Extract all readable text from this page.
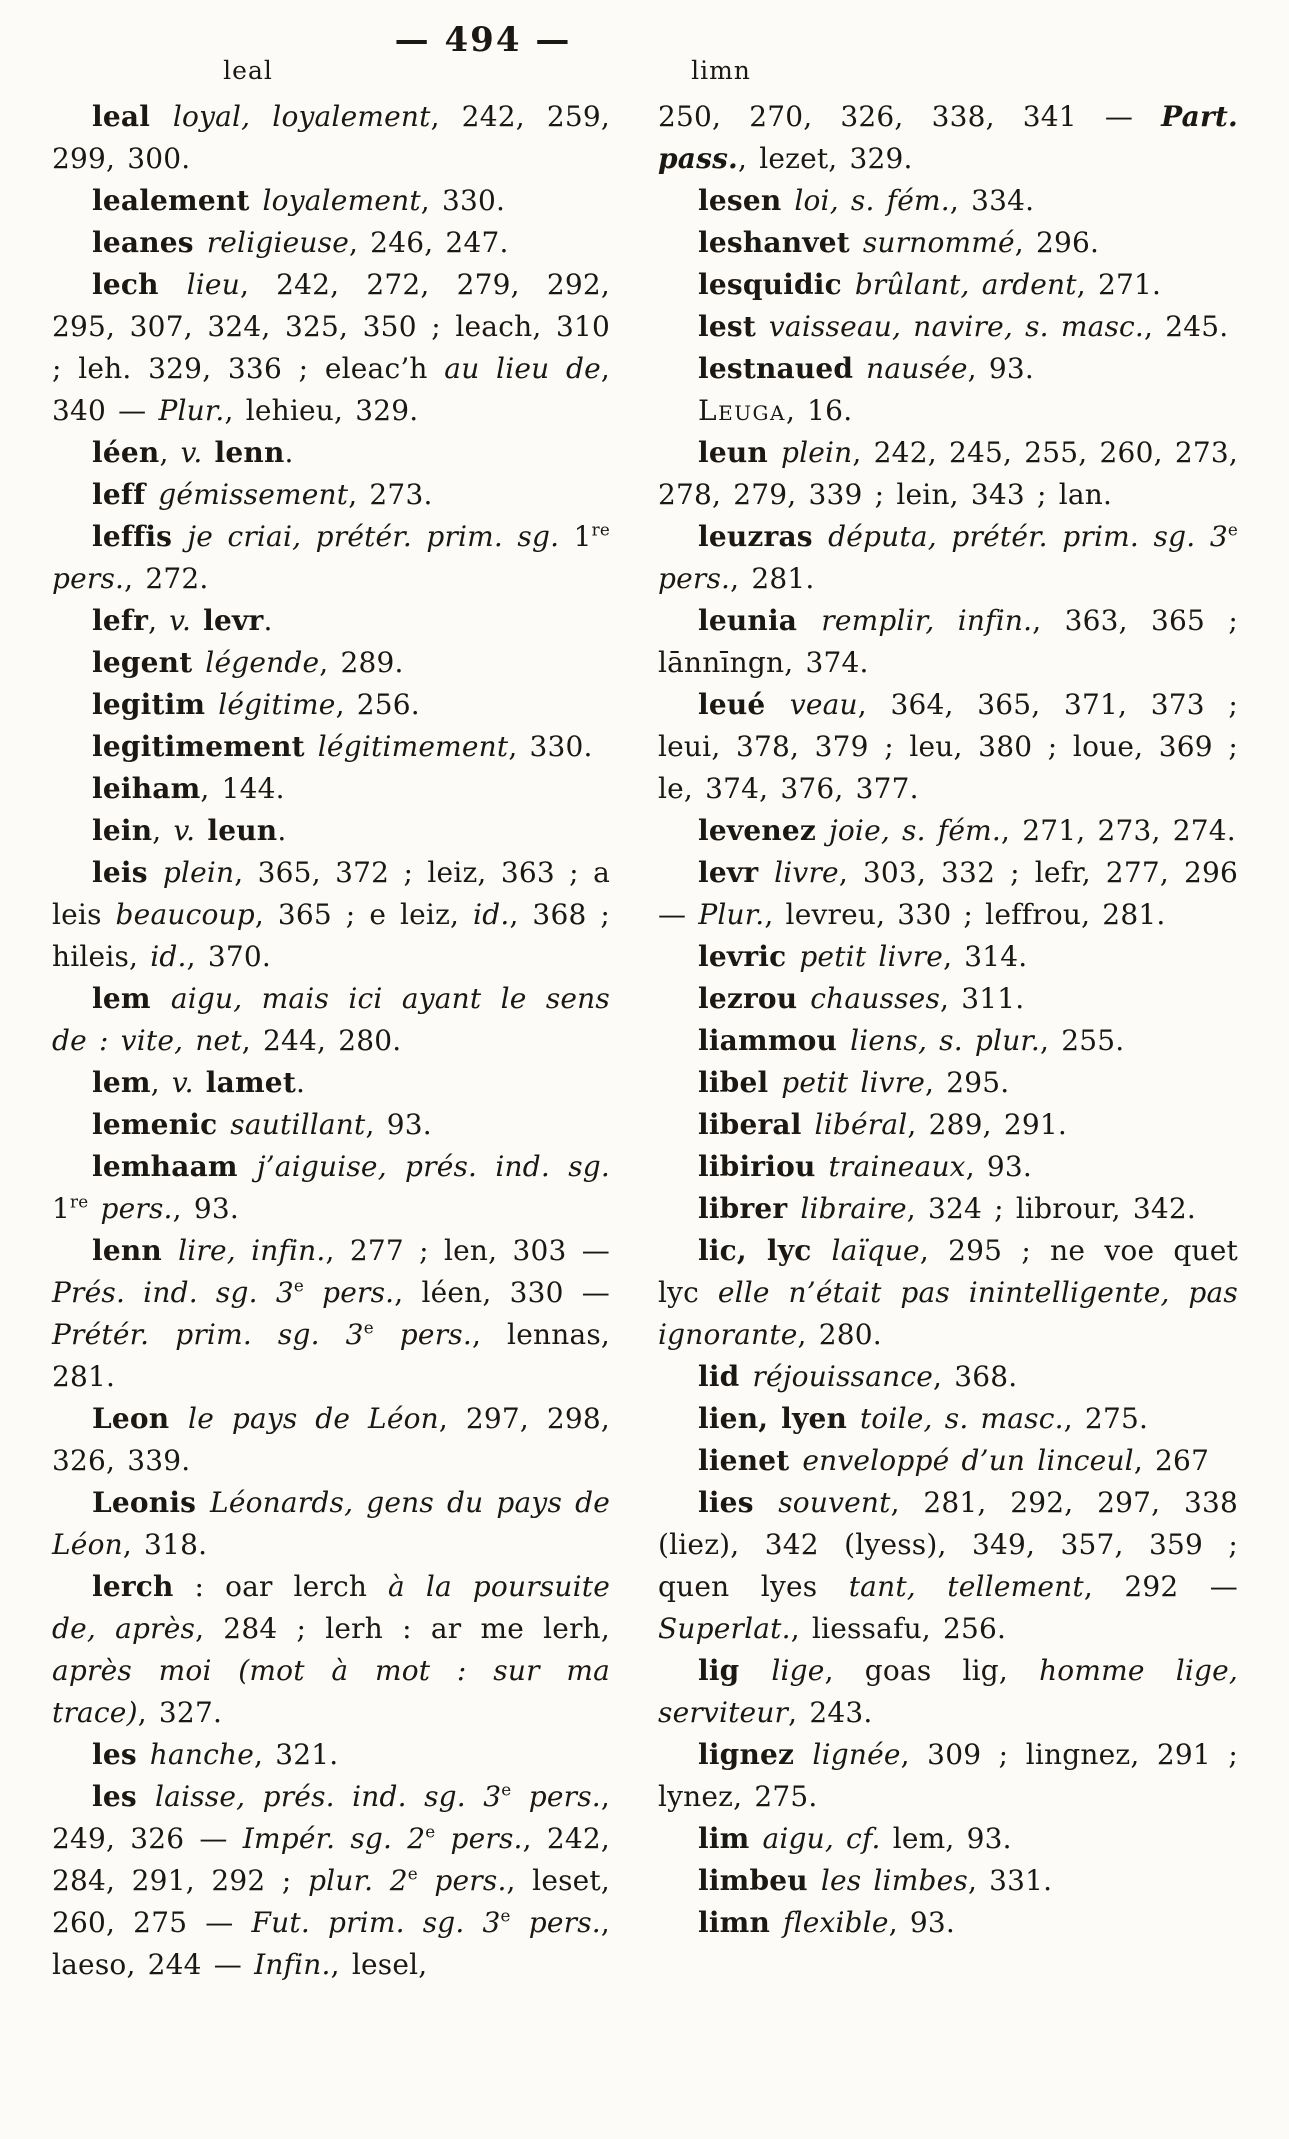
— 494 —
leal	limn

leal loyal, loyalement, 242, 259, 299, 300.

lealement loyalement, 330.

leanes religieuse, 246, 247.

lech lieu, 242, 272, 279, 292, 295, 307, 324, 325, 350 ; leach, 310 ; leh. 329, 336 ; eleac’h au lieu de, 340 — Plur., lehieu, 329.

léen, v. lenn.

leff gémissement, 273.

leffis je criai, prétér. prim. sg. 1re pers., 272.

lefr, v. levr.

legent légende, 289.

legitim légitime, 256.

legitimement légitimement, 330.

leiham, 144.

lein, v. leun.

leis plein, 365, 372 ; leiz, 363 ; a leis beaucoup, 365 ; e leiz, id., 368 ; hileis, id., 370.

lem aigu, mais ici ayant le sens de : vite, net, 244, 280.

lem, v. lamet.

lemenic sautillant, 93.

lemhaam j’aiguise, prés. ind. sg. 1re pers., 93.

lenn lire, infin., 277 ; len, 303 — Prés. ind. sg. 3e pers., léen, 330 — Prétér. prim. sg. 3e pers., lennas, 281.

Leon le pays de Léon, 297, 298, 326, 339.

Leonis Léonards, gens du pays de Léon, 318.

lerch : oar lerch à la poursuite de, après, 284 ; lerh : ar me lerh, après moi (mot à mot : sur ma trace), 327.

les hanche, 321.

les laisse, prés. ind. sg. 3e pers., 249, 326 — Impér. sg. 2e pers., 242, 284, 291, 292 ; plur. 2e pers., leset, 260, 275 — Fut. prim. sg. 3e pers., laeso, 244 — Infin., lesel,

250, 270, 326, 338, 341 — Part. pass., lezet, 329.

lesen loi, s. fém., 334.

leshanvet surnommé, 296.

lesquidic brûlant, ardent, 271.

lest vaisseau, navire, s. masc., 245.

lestnaued nausée, 93.

Leuga, 16.

leun plein, 242, 245, 255, 260, 273, 278, 279, 339 ; lein, 343 ; lan.

leuzras députa, prétér. prim. sg. 3e pers., 281.

leunia remplir, infin., 363, 365 ; lānnīngn, 374.

leué veau, 364, 365, 371, 373 ; leui, 378, 379 ; leu, 380 ; loue, 369 ; le, 374, 376, 377.

levenez joie, s. fém., 271, 273, 274.

levr livre, 303, 332 ; lefr, 277, 296 — Plur., levreu, 330 ; leffrou, 281.

levric petit livre, 314.

lezrou chausses, 311.

liammou liens, s. plur., 255.

libel petit livre, 295.

liberal libéral, 289, 291.

libiriou traineaux, 93.

librer libraire, 324 ; librour, 342.

lic, lyc laïque, 295 ; ne voe quet lyc elle n’était pas inintelligente, pas ignorante, 280.

lid réjouissance, 368.

lien, lyen toile, s. masc., 275.

lienet enveloppé d’un linceul, 267

lies souvent, 281, 292, 297, 338 (liez), 342 (lyess), 349, 357, 359 ; quen lyes tant, tellement, 292 — Superlat., liessafu, 256.

lig lige, goas lig, homme lige, serviteur, 243.

lignez lignée, 309 ; lingnez, 291 ; lynez, 275.

lim aigu, cf. lem, 93.

limbeu les limbes, 331.

limn flexible, 93.
